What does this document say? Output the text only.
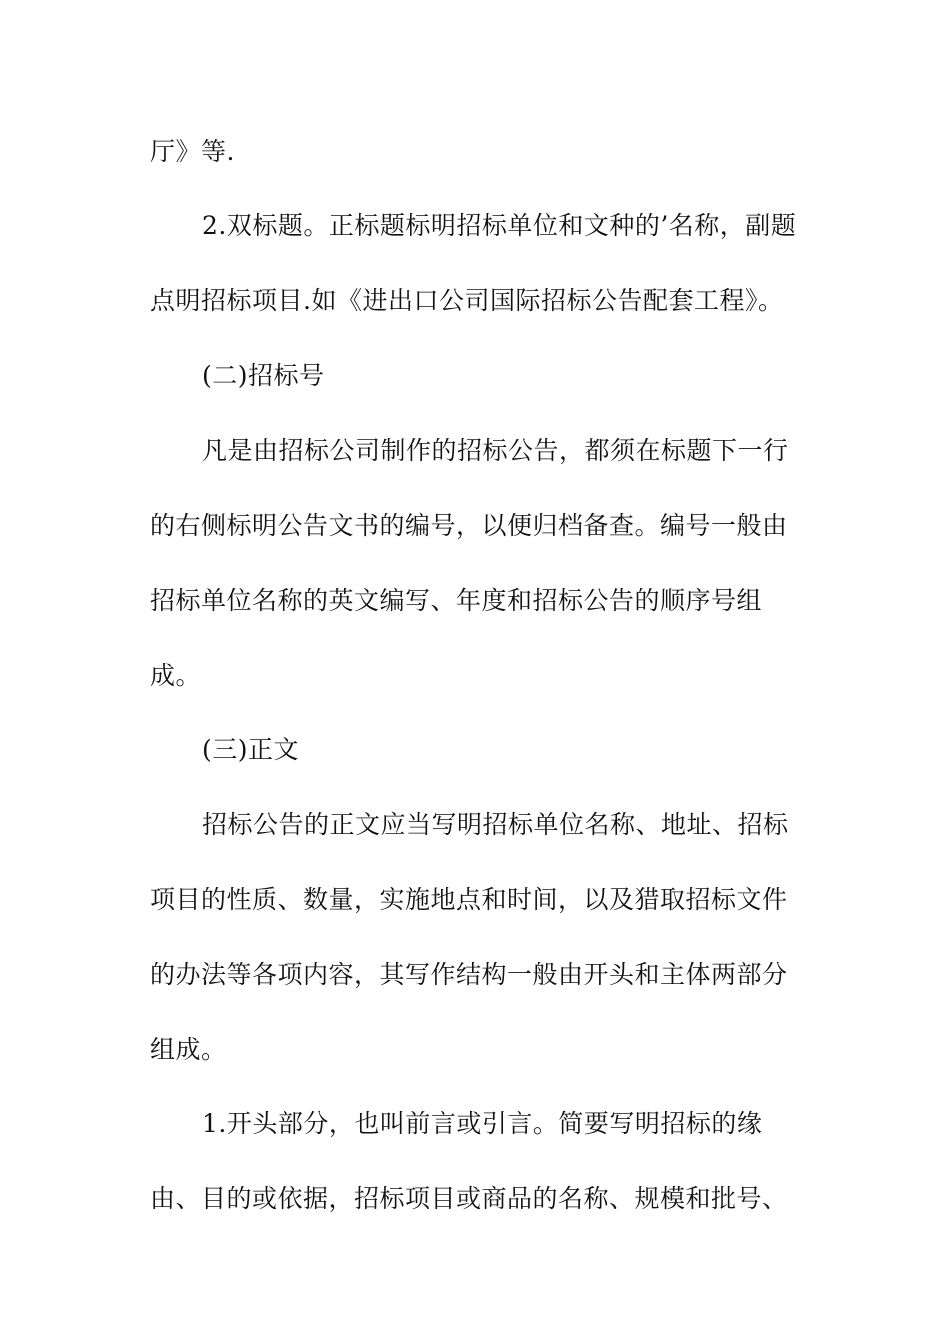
厅》等.
2.双标题。正标题标明招标单位和文种的’名称，副题
点明招标项目.如《进出口公司国际招标公告配套工程》。
(二)招标号
凡是由招标公司制作的招标公告，都须在标题下一行
的右侧标明公告文书的编号，以便归档备查。编号一般由
招标单位名称的英文编写、年度和招标公告的顺序号组
成。
(三)正文
招标公告的正文应当写明招标单位名称、地址、招标
项目的性质、数量，实施地点和时间，以及猎取招标文件
的办法等各项内容，其写作结构一般由开头和主体两部分
组成。
1.开头部分，也叫前言或引言。简要写明招标的缘
由、目的或依据，招标项目或商品的名称、规模和批号、
